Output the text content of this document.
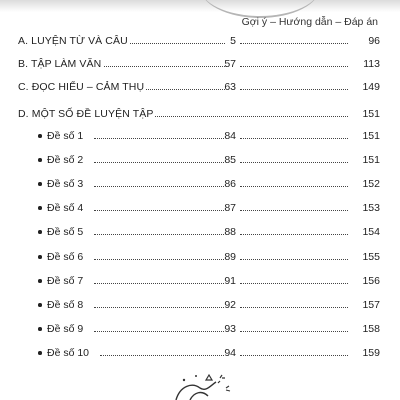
Gợi ý – Hướng dẫn – Đáp án
A. LUYỆN TỪ VÀ CÂU	5	96
B. TẬP LÀM VĂN	57	113
C. ĐỌC HIỂU – CẢM THỤ	63	149
D. MỘT SỐ ĐỀ LUYỆN TẬP	151
Đề số 1	84	151
Đề số 2	85	151
Đề số 3	86	152
Đề số 4	87	153
Đề số 5	88	154
Đề số 6	89	155
Đề số 7	91	156
Đề số 8	92	157
Đề số 9	93	158
Đề số 10	94	159
